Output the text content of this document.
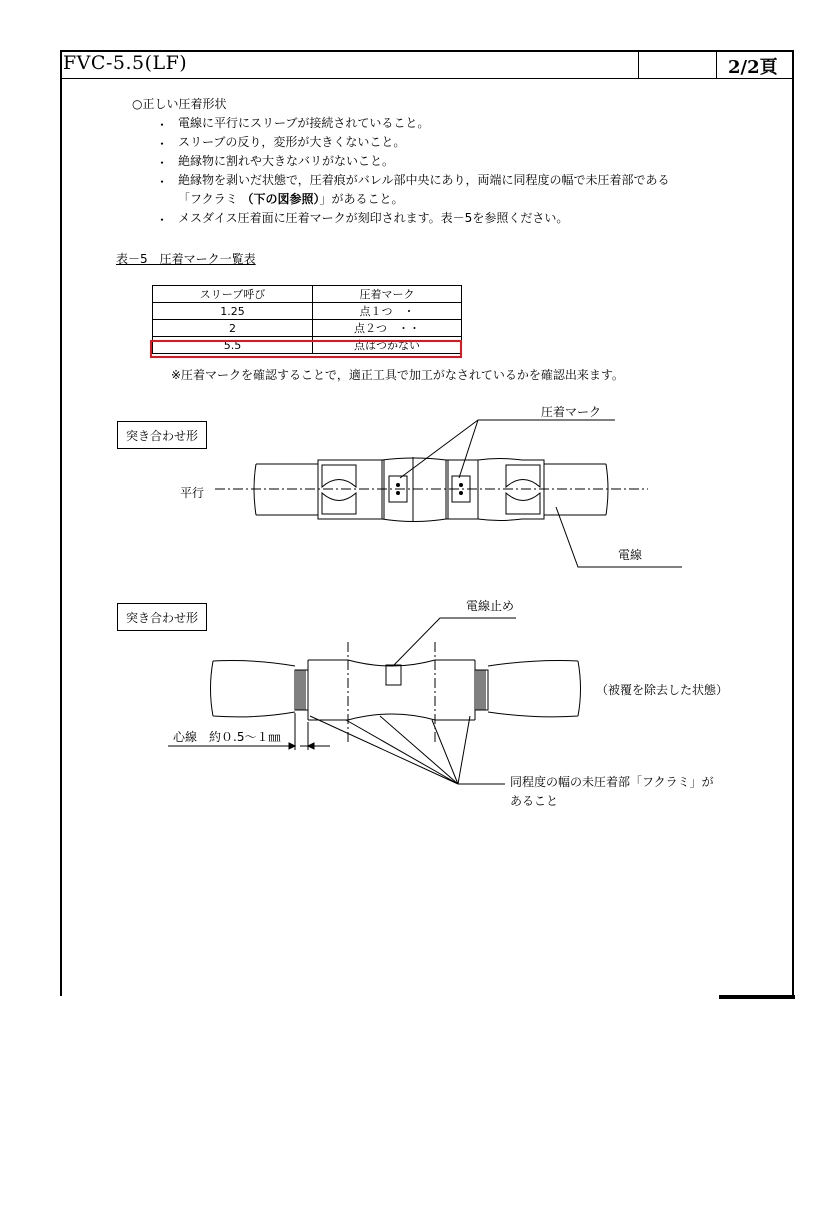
FVC-5.5(LF)	2/2頁
○正しい圧着形状
・ 電線に平行にスリーブが接続されていること。
・ スリーブの反り，変形が大きくないこと。
・ 絶縁物に割れや大きなバリがないこと。
・ 絶縁物を剥いだ状態で，圧着痕がバレル部中央にあり，両端に同程度の幅で未圧着部である
「フクラミ （下の図参照）」があること。
・ メスダイス圧着面に圧着マークが刻印されます。表－5を参照ください。
表－5　圧着マーク一覧表
スリーブ呼び	圧着マーク
1.25	点１つ　・
2	点２つ　・・
5.5	点はつかない
※圧着マークを確認することで，適正工具で加工がなされているかを確認出来ます。
突き合わせ形
圧着マーク
平行
電線
突き合わせ形
電線止め
（被覆を除去した状態）
心線　約０.5～１㎜
同程度の幅の未圧着部「フクラミ」が
あること
